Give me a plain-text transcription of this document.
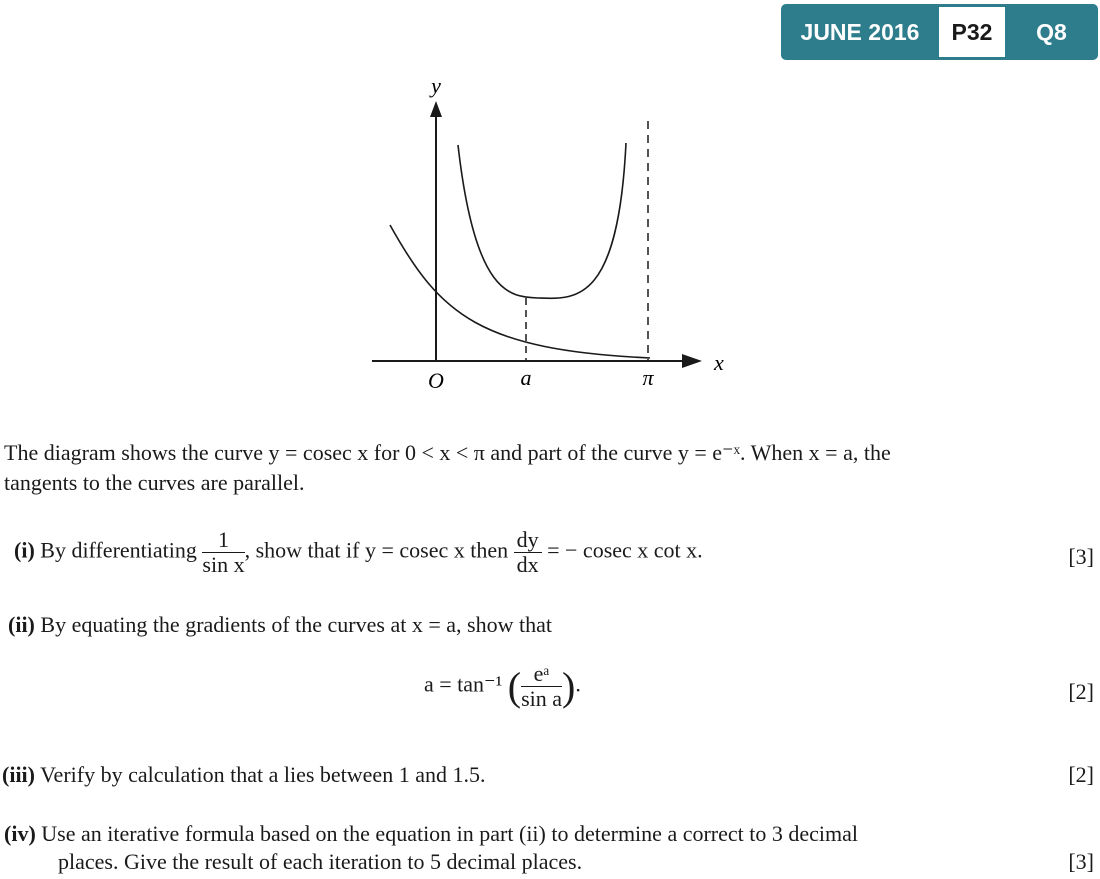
JUNE 2016	P32	Q8
y
x
O	a	π
The diagram shows the curve y = cosec x for 0 < x < π and part of the curve y = e⁻ˣ. When x = a, the
tangents to the curves are parallel.
(i) By differentiating $\frac{1}{\text{sin x}}$ , show that if y = cosec x then $\frac{dy}{dx}$ = − cosec x cot x.	[3]
(ii) By equating the gradients of the curves at x = a, show that
a = tan⁻¹ ( $\frac{\text{eᵃ}}{\text{sin a}}$ ).	[2]
(iii) Verify by calculation that a lies between 1 and 1.5.	[2]
(iv) Use an iterative formula based on the equation in part (ii) to determine a correct to 3 decimal
places. Give the result of each iteration to 5 decimal places.	[3]
